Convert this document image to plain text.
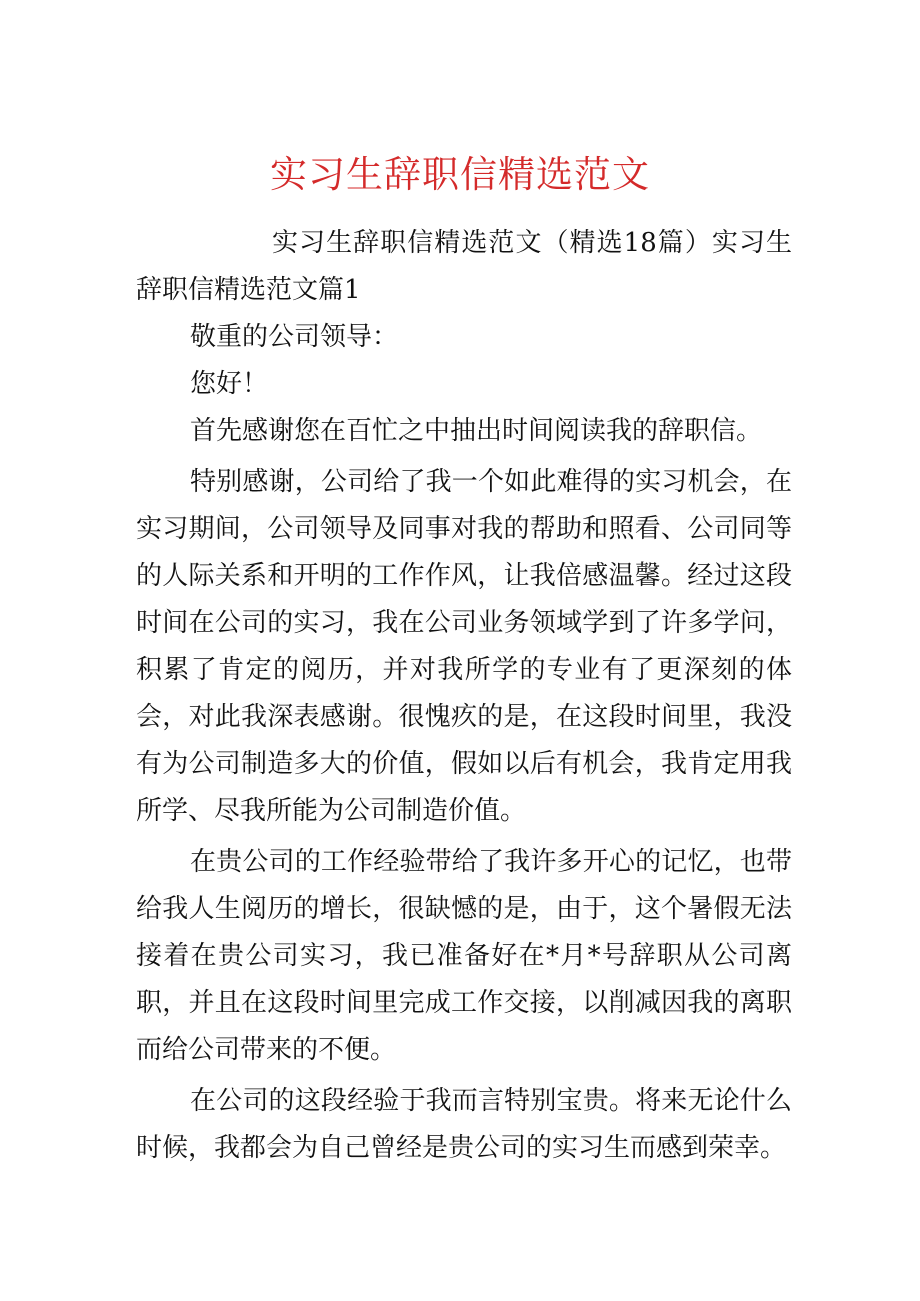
实习生辞职信精选范文

实习生辞职信精选范文（精选18篇）实习生辞职信精选范文篇1

敬重的公司领导：

您好！

首先感谢您在百忙之中抽出时间阅读我的辞职信。

特别感谢，公司给了我一个如此难得的实习机会，在实习期间，公司领导及同事对我的帮助和照看、公司同等的人际关系和开明的工作作风，让我倍感温馨。经过这段时间在公司的实习，我在公司业务领域学到了许多学问，积累了肯定的阅历，并对我所学的专业有了更深刻的体会，对此我深表感谢。很愧疚的是，在这段时间里，我没有为公司制造多大的价值，假如以后有机会，我肯定用我所学、尽我所能为公司制造价值。

在贵公司的工作经验带给了我许多开心的记忆，也带给我人生阅历的增长，很缺憾的是，由于，这个暑假无法接着在贵公司实习，我已准备好在*月*号辞职从公司离职，并且在这段时间里完成工作交接，以削减因我的离职而给公司带来的不便。

在公司的这段经验于我而言特别宝贵。将来无论什么时候，我都会为自己曾经是贵公司的实习生而感到荣幸。
